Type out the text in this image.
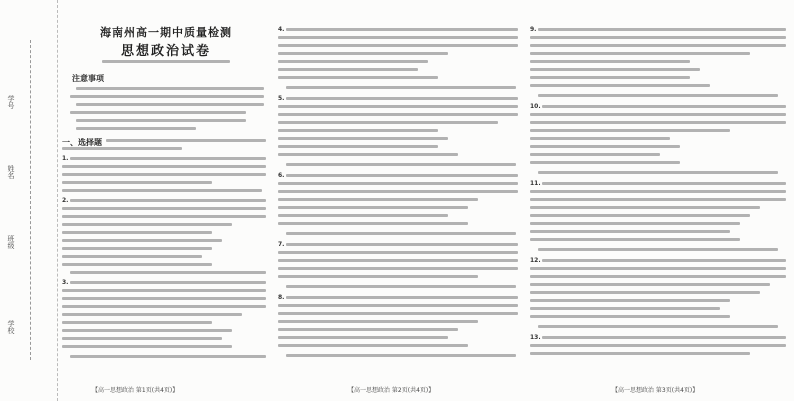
学号
姓名
班级
学校
海南州高一期中质量检测
思想政治试卷
注意事项
一、选择题
1.
2.
3.
【高一思想政治 第1页(共4页)】
4.
5.
6.
7.
8.
【高一思想政治 第2页(共4页)】
9.
10.
11.
12.
13.
【高一思想政治 第3页(共4页)】
